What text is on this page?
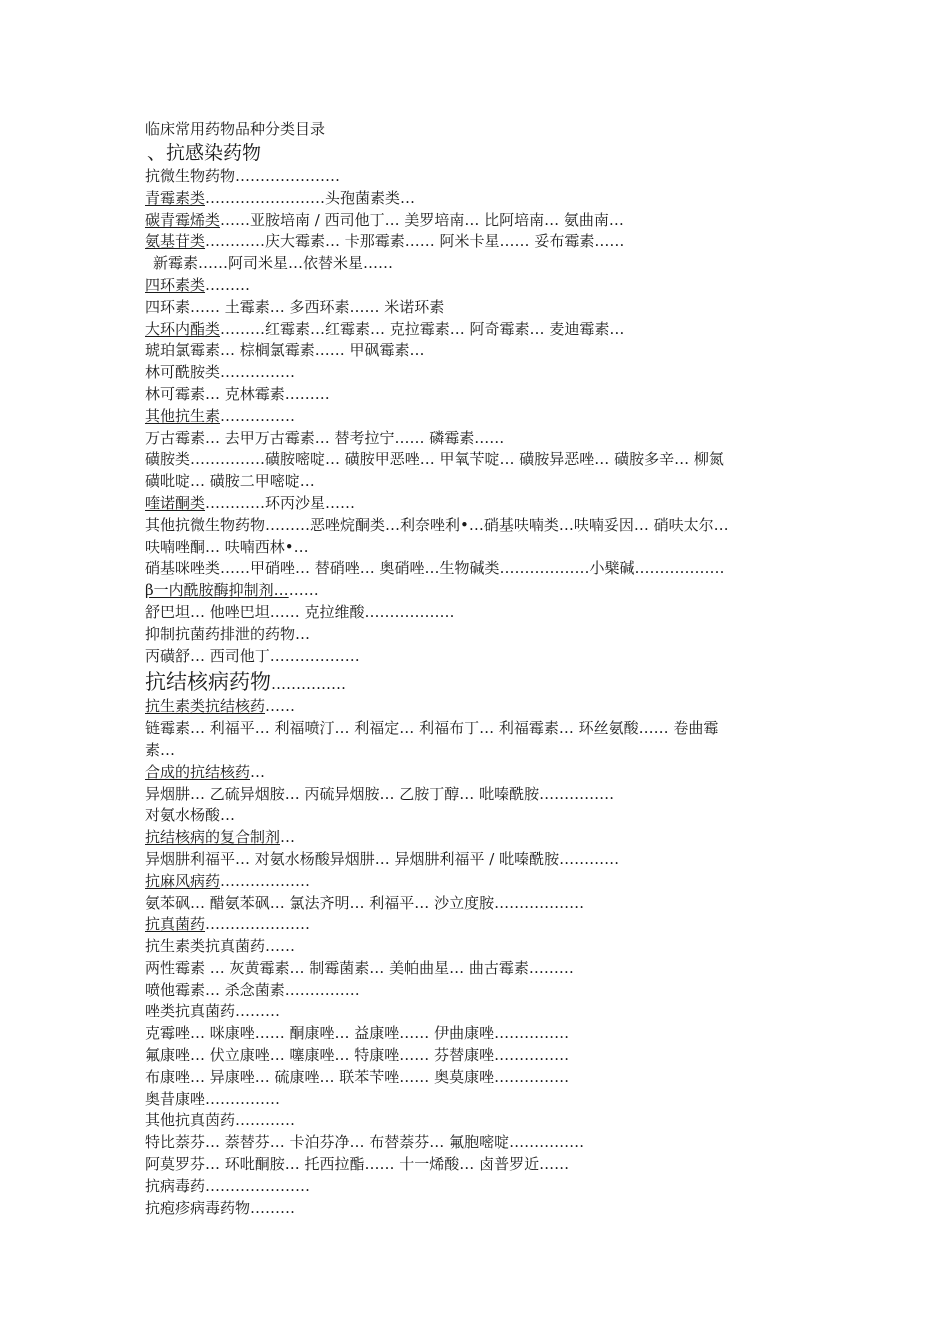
临床常用药物品种分类目录
、抗感染药物
抗微生物药物…………………
青霉素类……………………头孢菌素类…
碳青霉烯类……亚胺培南 / 西司他丁… 美罗培南… 比阿培南… 氨曲南…
氨基苷类…………庆大霉素… 卡那霉素…… 阿米卡星…… 妥布霉素……
新霉素……阿司米星…依替米星……
四环素类………
四环素…… 土霉素… 多西环素…… 米诺环素
大环内酯类………红霉素…红霉素… 克拉霉素… 阿奇霉素… 麦迪霉素…
琥珀氯霉素… 棕榈氯霉素…… 甲砜霉素…
林可酰胺类……………
林可霉素… 克林霉素………
其他抗生素……………
万古霉素… 去甲万古霉素… 替考拉宁…… 磷霉素……
磺胺类……………磺胺嘧啶… 磺胺甲恶唑… 甲氧苄啶… 磺胺异恶唑… 磺胺多辛… 柳氮
磺吡啶… 磺胺二甲嘧啶…
喹诺酮类…………环丙沙星……
其他抗微生物药物………恶唑烷酮类…利奈唑利•…硝基呋喃类…呋喃妥因… 硝呋太尔…
呋喃唑酮… 呋喃西林•…
硝基咪唑类……甲硝唑… 替硝唑… 奥硝唑…生物碱类………………小檗碱………………
β一内酰胺酶抑制剂………
舒巴坦… 他唑巴坦…… 克拉维酸………………
抑制抗菌药排泄的药物…
丙磺舒… 西司他丁………………
抗结核病药物……………
抗生素类抗结核药……
链霉素… 利福平… 利福喷汀… 利福定… 利福布丁… 利福霉素… 环丝氨酸…… 卷曲霉
素…
合成的抗结核药…
异烟肼… 乙硫异烟胺… 丙硫异烟胺… 乙胺丁醇… 吡嗪酰胺……………
对氨水杨酸…
抗结核病的复合制剂…
异烟肼利福平… 对氨水杨酸异烟肼… 异烟肼利福平 / 吡嗪酰胺…………
抗麻风病药………………
氨苯砜… 醋氨苯砜… 氯法齐明… 利福平… 沙立度胺………………
抗真菌药…………………
抗生素类抗真菌药……
两性霉素 … 灰黄霉素… 制霉菌素… 美帕曲星… 曲古霉素………
喷他霉素… 杀念菌素……………
唑类抗真菌药………
克霉唑… 咪康唑…… 酮康唑… 益康唑…… 伊曲康唑……………
氟康唑… 伏立康唑… 噻康唑… 特康唑…… 芬替康唑……………
布康唑… 异康唑… 硫康唑… 联苯苄唑…… 奥莫康唑……………
奥昔康唑……………
其他抗真茵药…………
特比萘芬… 萘替芬… 卡泊芬净… 布替萘芬… 氟胞嘧啶……………
阿莫罗芬… 环吡酮胺… 托西拉酯…… 十一烯酸… 卤普罗近……
抗病毒药…………………
抗疱疹病毒药物………
